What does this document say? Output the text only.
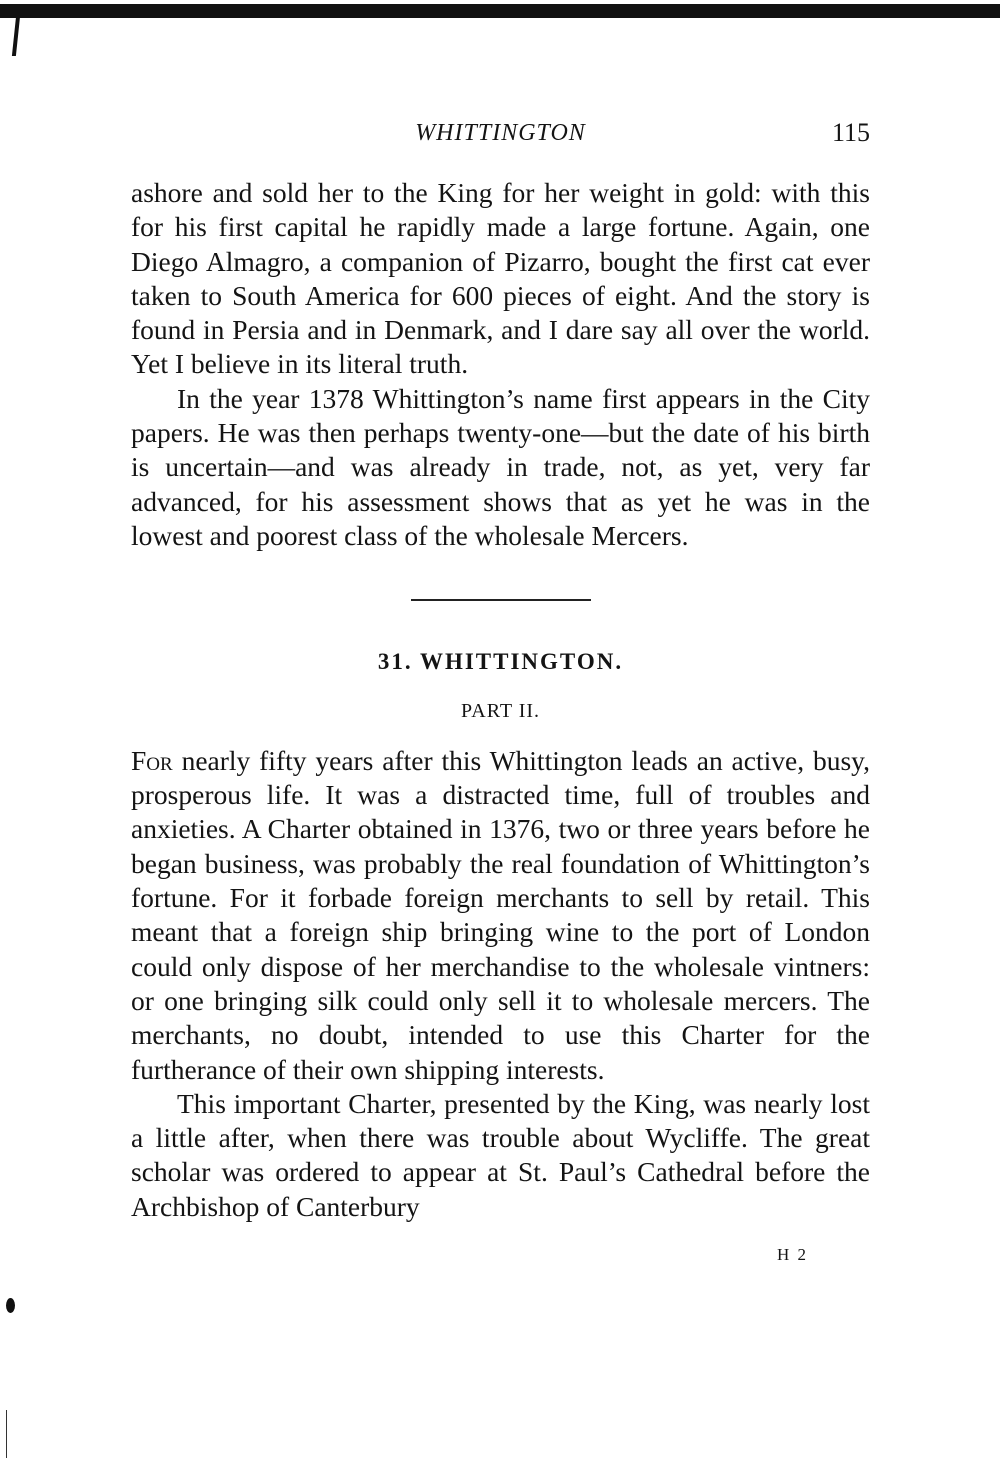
WHITTINGTON	115

ashore and sold her to the King for her weight in gold: with this for his first capital he rapidly made a large fortune. Again, one Diego Almagro, a companion of Pizarro, bought the first cat ever taken to South America for 600 pieces of eight. And the story is found in Persia and in Denmark, and I dare say all over the world. Yet I believe in its literal truth.

In the year 1378 Whittington’s name first appears in the City papers. He was then perhaps twenty-one—but the date of his birth is uncertain—and was already in trade, not, as yet, very far advanced, for his assessment shows that as yet he was in the lowest and poorest class of the wholesale Mercers.

31. WHITTINGTON.
PART II.

For nearly fifty years after this Whittington leads an active, busy, prosperous life. It was a distracted time, full of troubles and anxieties. A Charter obtained in 1376, two or three years before he began business, was probably the real foundation of Whittington’s fortune. For it forbade foreign merchants to sell by retail. This meant that a foreign ship bringing wine to the port of London could only dispose of her merchandise to the wholesale vintners: or one bringing silk could only sell it to wholesale mercers. The merchants, no doubt, intended to use this Charter for the furtherance of their own shipping interests.

This important Charter, presented by the King, was nearly lost a little after, when there was trouble about Wycliffe. The great scholar was ordered to appear at St. Paul’s Cathedral before the Archbishop of Canterbury

H 2
